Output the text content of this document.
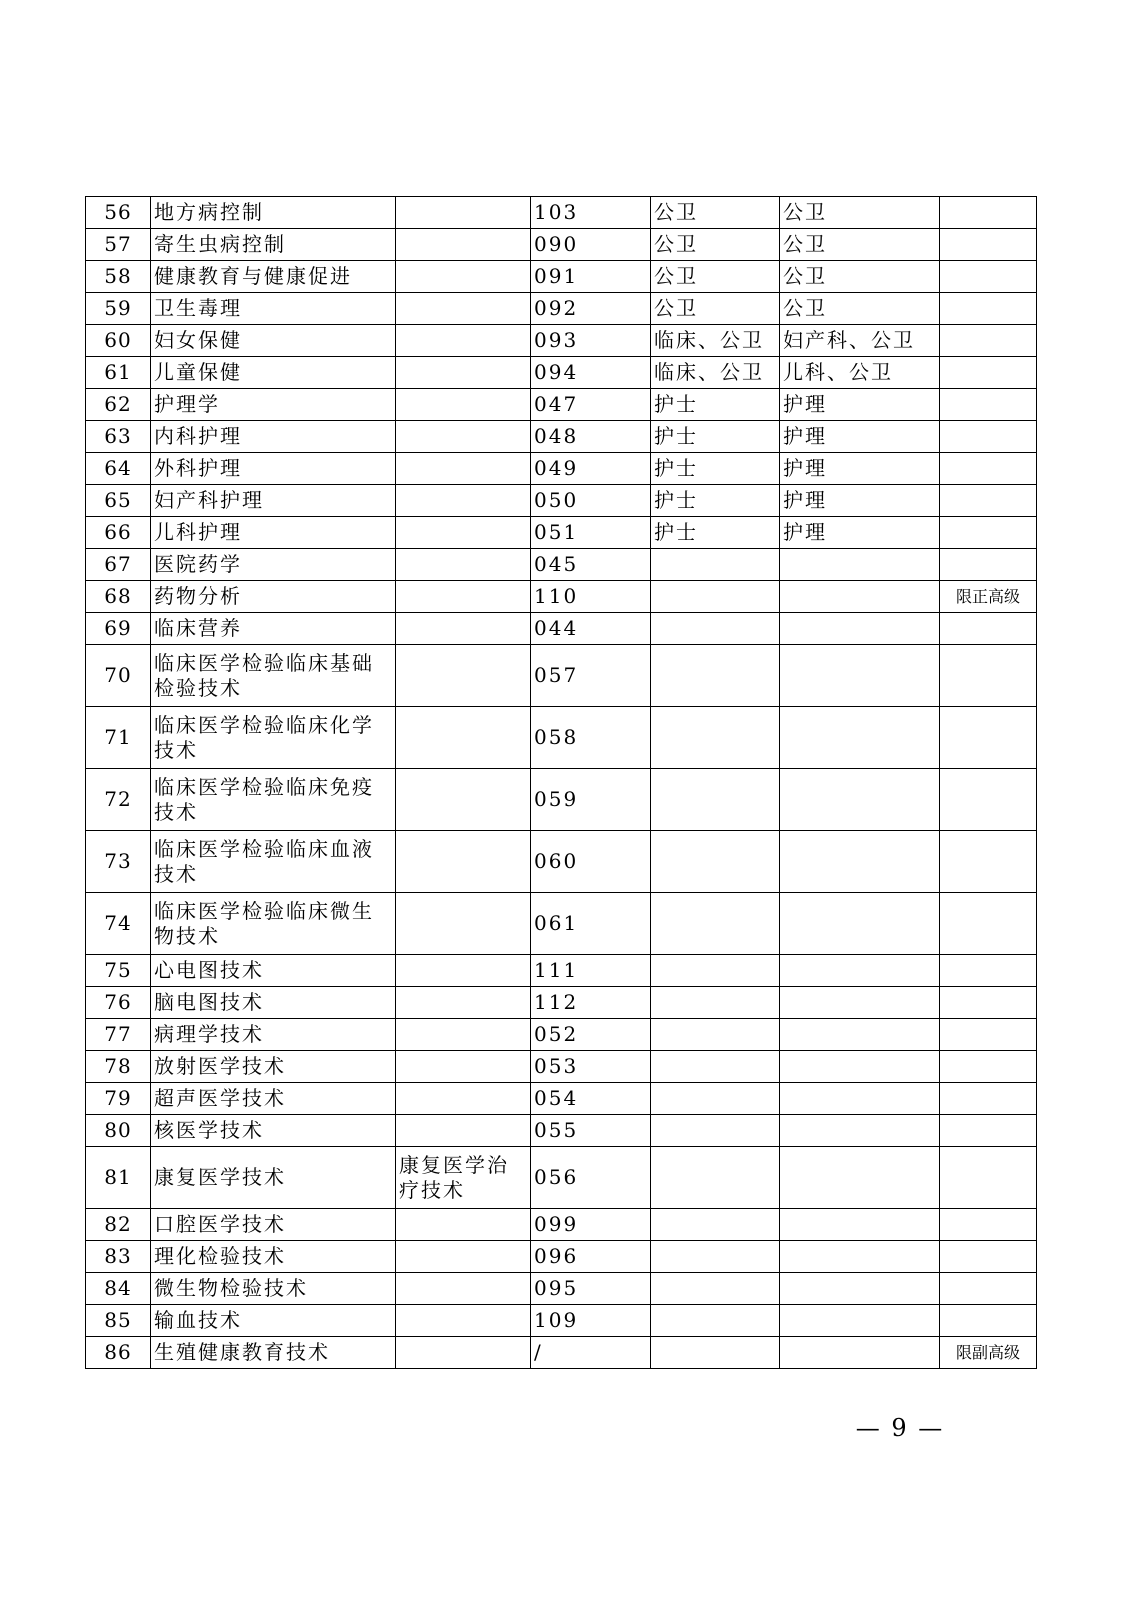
56	地方病控制		103	公卫	公卫	
57	寄生虫病控制		090	公卫	公卫	
58	健康教育与健康促进		091	公卫	公卫	
59	卫生毒理		092	公卫	公卫	
60	妇女保健		093	临床、公卫	妇产科、公卫	
61	儿童保健		094	临床、公卫	儿科、公卫	
62	护理学		047	护士	护理	
63	内科护理		048	护士	护理	
64	外科护理		049	护士	护理	
65	妇产科护理		050	护士	护理	
66	儿科护理		051	护士	护理	
67	医院药学		045			
68	药物分析		110			限正高级
69	临床营养		044			
70	临床医学检验临床基础检验技术		057			
71	临床医学检验临床化学技术		058			
72	临床医学检验临床免疫技术		059			
73	临床医学检验临床血液技术		060			
74	临床医学检验临床微生物技术		061			
75	心电图技术		111			
76	脑电图技术		112			
77	病理学技术		052			
78	放射医学技术		053			
79	超声医学技术		054			
80	核医学技术		055			
81	康复医学技术	康复医学治疗技术	056			
82	口腔医学技术		099			
83	理化检验技术		096			
84	微生物检验技术		095			
85	输血技术		109			
86	生殖健康教育技术		/			限副高级
— 9 —
